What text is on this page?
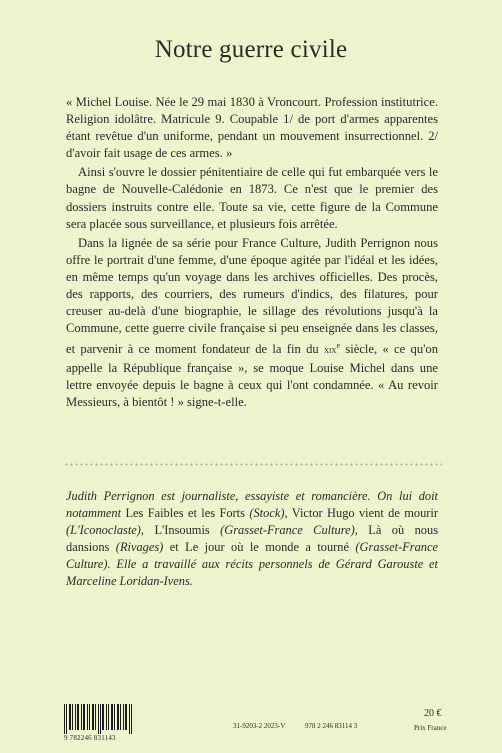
Notre guerre civile

« Michel Louise. Née le 29 mai 1830 à Vroncourt. Profession institutrice. Religion idolâtre. Matricule 9. Coupable 1/ de port d'armes apparentes étant revêtue d'un uniforme, pendant un mouvement insurrectionnel. 2/ d'avoir fait usage de ces armes. »

Ainsi s'ouvre le dossier pénitentiaire de celle qui fut embarquée vers le bagne de Nouvelle-Calédonie en 1873. Ce n'est que le premier des dossiers instruits contre elle. Toute sa vie, cette figure de la Commune sera placée sous surveillance, et plusieurs fois arrêtée.

Dans la lignée de sa série pour France Culture, Judith Perrignon nous offre le portrait d'une femme, d'une époque agitée par l'idéal et les idées, en même temps qu'un voyage dans les archives officielles. Des procès, des rapports, des courriers, des rumeurs d'indics, des filatures, pour creuser au-delà d'une biographie, le sillage des révolutions jusqu'à la Commune, cette guerre civile française si peu enseignée dans les classes, et parvenir à ce moment fondateur de la fin du xix$^e$ siècle, « ce qu'on appelle la République française », se moque Louise Michel dans une lettre envoyée depuis le bagne à ceux qui l'ont condamnée. « Au revoir Messieurs, à bientôt ! » signe-t-elle.

Judith Perrignon est journaliste, essayiste et romancière. On lui doit notamment Les Faibles et les Forts (Stock), Victor Hugo vient de mourir (L'Iconoclaste), L'Insoumis (Grasset-France Culture), Là où nous dansions (Rivages) et Le jour où le monde a tourné (Grasset-France Culture). Elle a travaillé aux récits personnels de Gérard Garouste et Marceline Loridan-Ivens.
9 782246 831143
31-9203-2 2023-V	978 2 246 83114 3
20 €
Prix France
